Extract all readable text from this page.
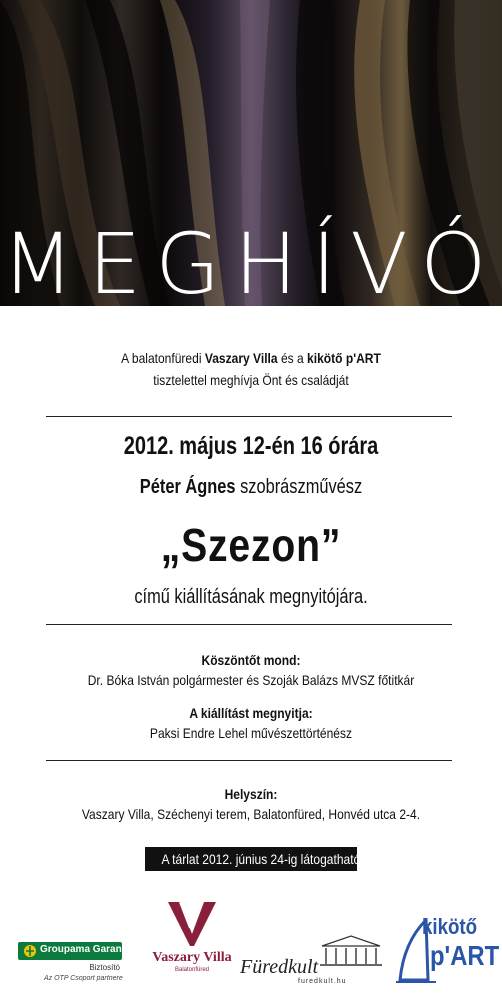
MEGHÍVÓ
A balatonfüredi Vaszary Villa és a kikötő p'ART
tisztelettel meghívja Önt és családját
2012. május 12-én 16 órára
Péter Ágnes szobrászművész
„Szezon”
című kiállításának megnyitójára.
Köszöntőt mond:
Dr. Bóka István polgármester és Szoják Balázs MVSZ főtitkár
A kiállítást megnyitja:
Paksi Endre Lehel művészettörténész
Helyszín:
Vaszary Villa, Széchenyi terem, Balatonfüred, Honvéd utca 2-4.
A tárlat 2012. június 24-ig látogatható.
Groupama Garancia
Biztosító
Az OTP Csoport partnere
Vaszary Villa
Balatonfüred	Füredkult
furedkult.hu
kikötő
p'ART
